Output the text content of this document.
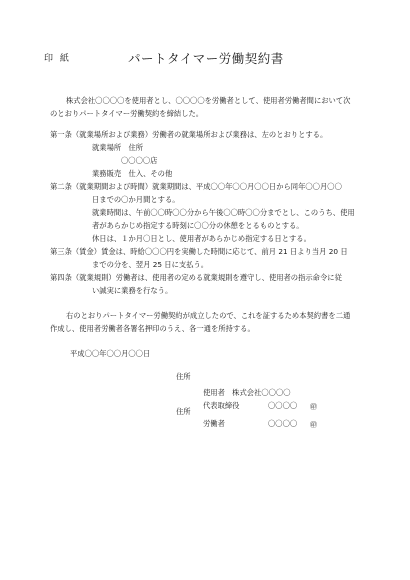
印 紙	パートタイマー労働契約書
株式会社〇〇〇〇を使用者とし、〇〇〇〇を労働者として、使用者労働者間において次
のとおりパートタイマー労働契約を締結した。
第一条（就業場所および業務）労働者の就業場所および業務は、左のとおりとする。
就業場所　住所
〇〇〇〇店
業務販売　仕入、その他
第二条（就業期間および時間）就業期間は、平成〇〇年〇〇月〇〇日から同年〇〇月〇〇
日までの〇か月間とする。
就業時間は、午前〇〇時〇〇分から午後〇〇時〇〇分までとし、このうち、使用
者があらかじめ指定する時刻に〇〇分の休憩をとるものとする。
休日は、１か月〇日とし、使用者があらかじめ指定する日とする。
第三条（賃金）賃金は、時給〇〇〇円を実働した時間に応じて、前月 21 日より当月 20 日
までの分を、翌月 25 日に支払う。
第四条（就業規則）労働者は、使用者の定める就業規則を遵守し、使用者の指示命令に従
い誠実に業務を行なう。
右のとおりパートタイマー労働契約が成立したので、これを証するため本契約書を二通
作成し、使用者労働者各署名押印のうえ、各一通を所持する。
平成〇〇年〇〇月〇〇日
住所
使用者　株式会社〇〇〇〇
代表取締役	〇〇〇〇 ㊞
住所
労働者	〇〇〇〇 ㊞
